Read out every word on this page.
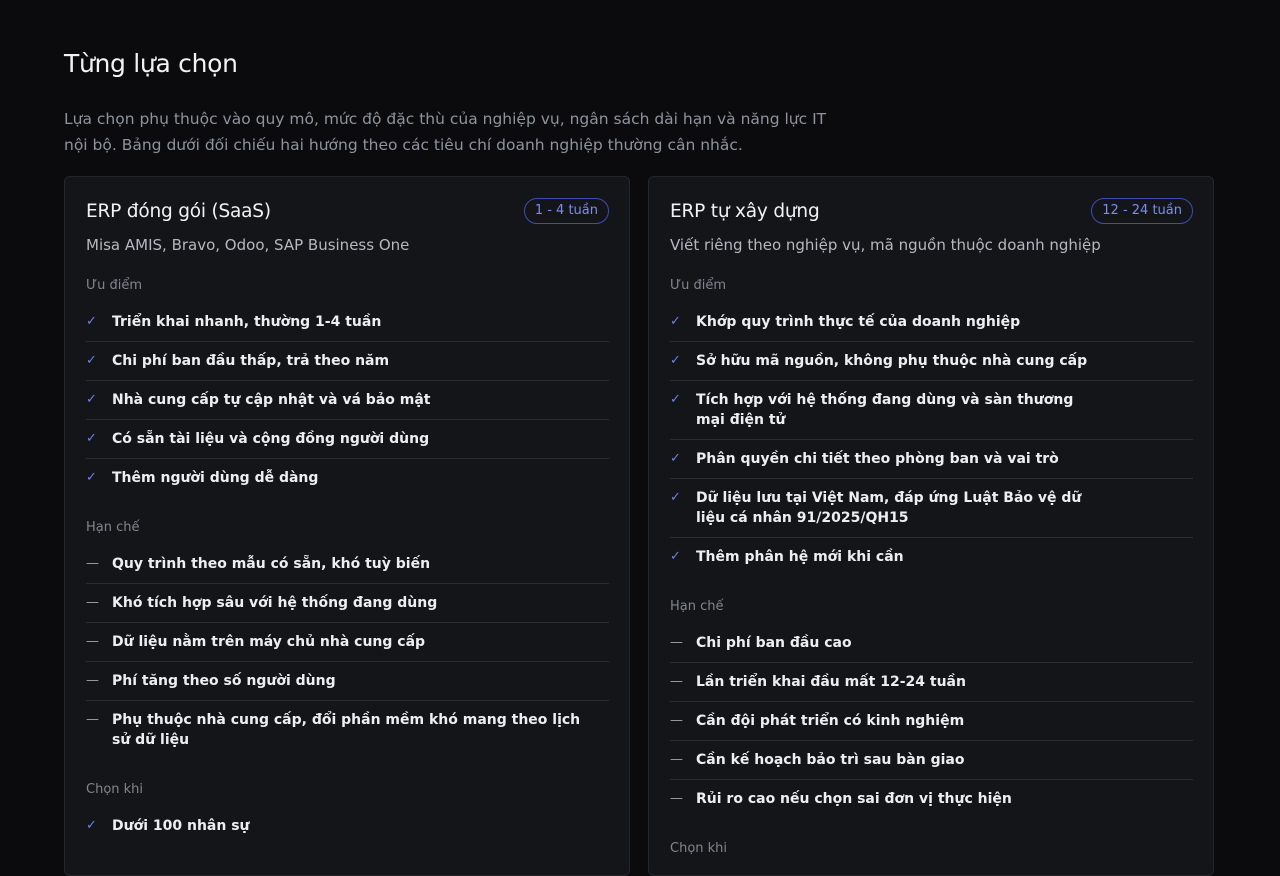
Từng lựa chọn

Lựa chọn phụ thuộc vào quy mô, mức độ đặc thù của nghiệp vụ, ngân sách dài hạn và năng lực IT nội bộ. Bảng dưới đối chiếu hai hướng theo các tiêu chí doanh nghiệp thường cân nhắc.

ERP đóng gói (SaaS)	1 - 4 tuần
Misa AMIS, Bravo, Odoo, SAP Business One
Ưu điểm
✓	Triển khai nhanh, thường 1-4 tuần
✓	Chi phí ban đầu thấp, trả theo năm
✓	Nhà cung cấp tự cập nhật và vá bảo mật
✓	Có sẵn tài liệu và cộng đồng người dùng
✓	Thêm người dùng dễ dàng
Hạn chế
— Quy trình theo mẫu có sẵn, khó tuỳ biến
— Khó tích hợp sâu với hệ thống đang dùng
— Dữ liệu nằm trên máy chủ nhà cung cấp
— Phí tăng theo số người dùng
— Phụ thuộc nhà cung cấp, đổi phần mềm khó mang theo lịch sử dữ liệu
Chọn khi
✓	Dưới 100 nhân sự
ERP tự xây dựng	12 - 24 tuần
Viết riêng theo nghiệp vụ, mã nguồn thuộc doanh nghiệp
Ưu điểm
✓	Khớp quy trình thực tế của doanh nghiệp
✓	Sở hữu mã nguồn, không phụ thuộc nhà cung cấp
✓	Tích hợp với hệ thống đang dùng và sàn thương mại điện tử
✓	Phân quyền chi tiết theo phòng ban và vai trò
✓	Dữ liệu lưu tại Việt Nam, đáp ứng Luật Bảo vệ dữ liệu cá nhân 91/2025/QH15
✓	Thêm phân hệ mới khi cần
Hạn chế
— Chi phí ban đầu cao
— Lần triển khai đầu mất 12-24 tuần
— Cần đội phát triển có kinh nghiệm
— Cần kế hoạch bảo trì sau bàn giao
— Rủi ro cao nếu chọn sai đơn vị thực hiện
Chọn khi
